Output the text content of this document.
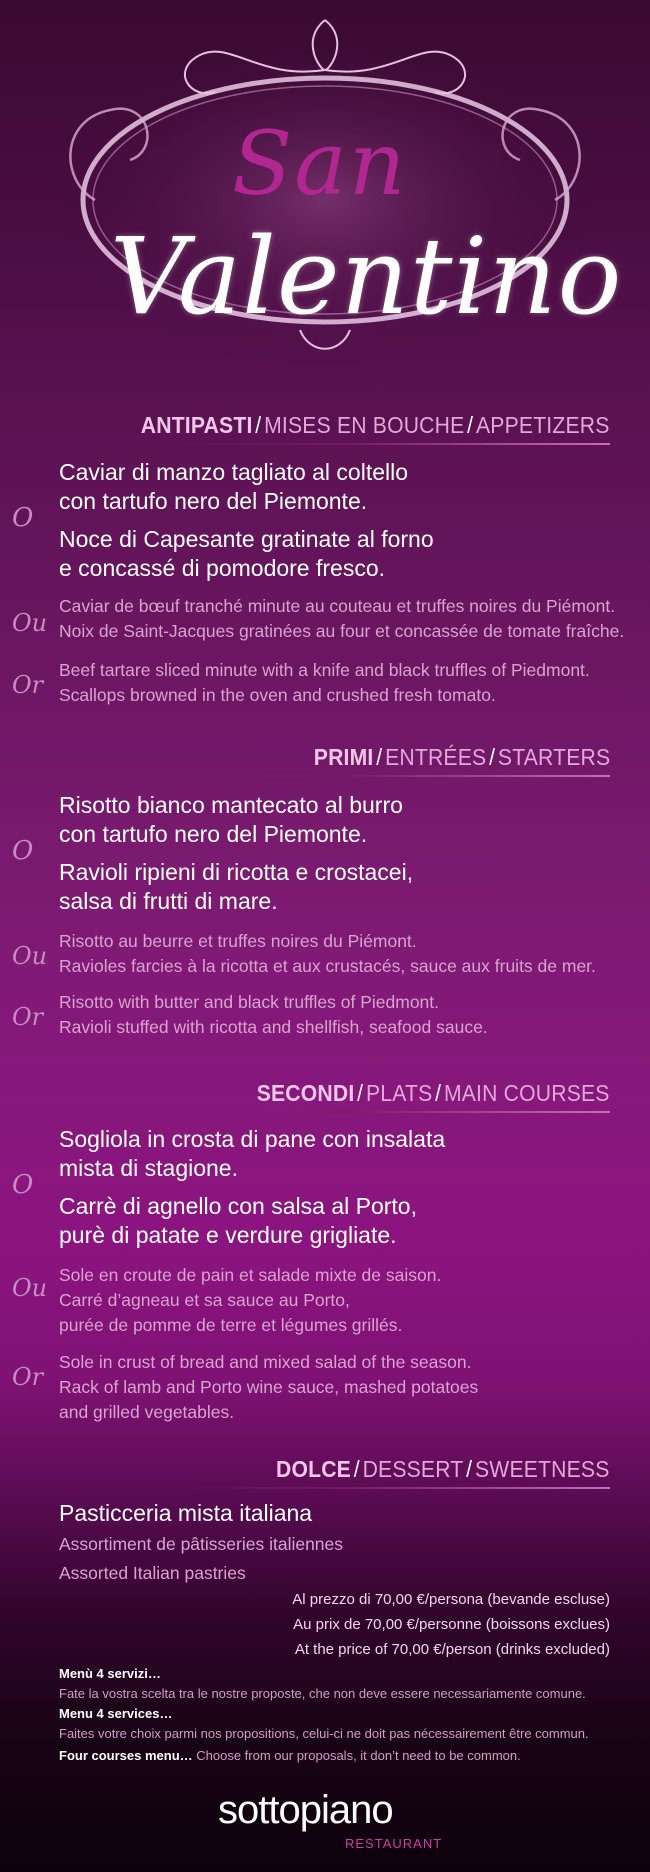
San
Valentino
ANTIPASTI / MISES EN BOUCHE / APPETIZERS
Caviar di manzo tagliato al coltello
con tartufo nero del Piemonte.
O
Noce di Capesante gratinate al forno
e concassé di pomodore fresco.
Caviar de bœuf tranché minute au couteau et truffes noires du Piémont.
Ou Noix de Saint-Jacques gratinées au four et concassée de tomate fraîche.
Beef tartare sliced minute with a knife and black truffles of Piedmont.
Or Scallops browned in the oven and crushed fresh tomato.
PRIMI / ENTRÉES / STARTERS
Risotto bianco mantecato al burro
con tartufo nero del Piemonte.
O
Ravioli ripieni di ricotta e crostacei,
salsa di frutti di mare.
Risotto au beurre et truffes noires du Piémont.
Ou Ravioles farcies à la ricotta et aux crustacés, sauce aux fruits de mer.
Risotto with butter and black truffles of Piedmont.
Or Ravioli stuffed with ricotta and shellfish, seafood sauce.
SECONDI / PLATS / MAIN COURSES
Sogliola in crosta di pane con insalata
mista di stagione.
O
Carrè di agnello con salsa al Porto,
purè di patate e verdure grigliate.
Sole en croute de pain et salade mixte de saison.
Ou Carré d’agneau et sa sauce au Porto,
purée de pomme de terre et légumes grillés.
Sole in crust of bread and mixed salad of the season.
Or Rack of lamb and Porto wine sauce, mashed potatoes
and grilled vegetables.
DOLCE / DESSERT / SWEETNESS
Pasticceria mista italiana
Assortiment de pâtisseries italiennes
Assorted Italian pastries
Al prezzo di 70,00 €/persona (bevande escluse)
Au prix de 70,00 €/personne (boissons exclues)
At the price of 70,00 €/person (drinks excluded)
Menù 4 servizi…
Fate la vostra scelta tra le nostre proposte, che non deve essere necessariamente comune.
Menu 4 services…
Faites votre choix parmi nos propositions, celui-ci ne doit pas nécessairement être commun.
Four courses menu… Choose from our proposals, it don’t need to be common.
sottopiano
RESTAURANT
